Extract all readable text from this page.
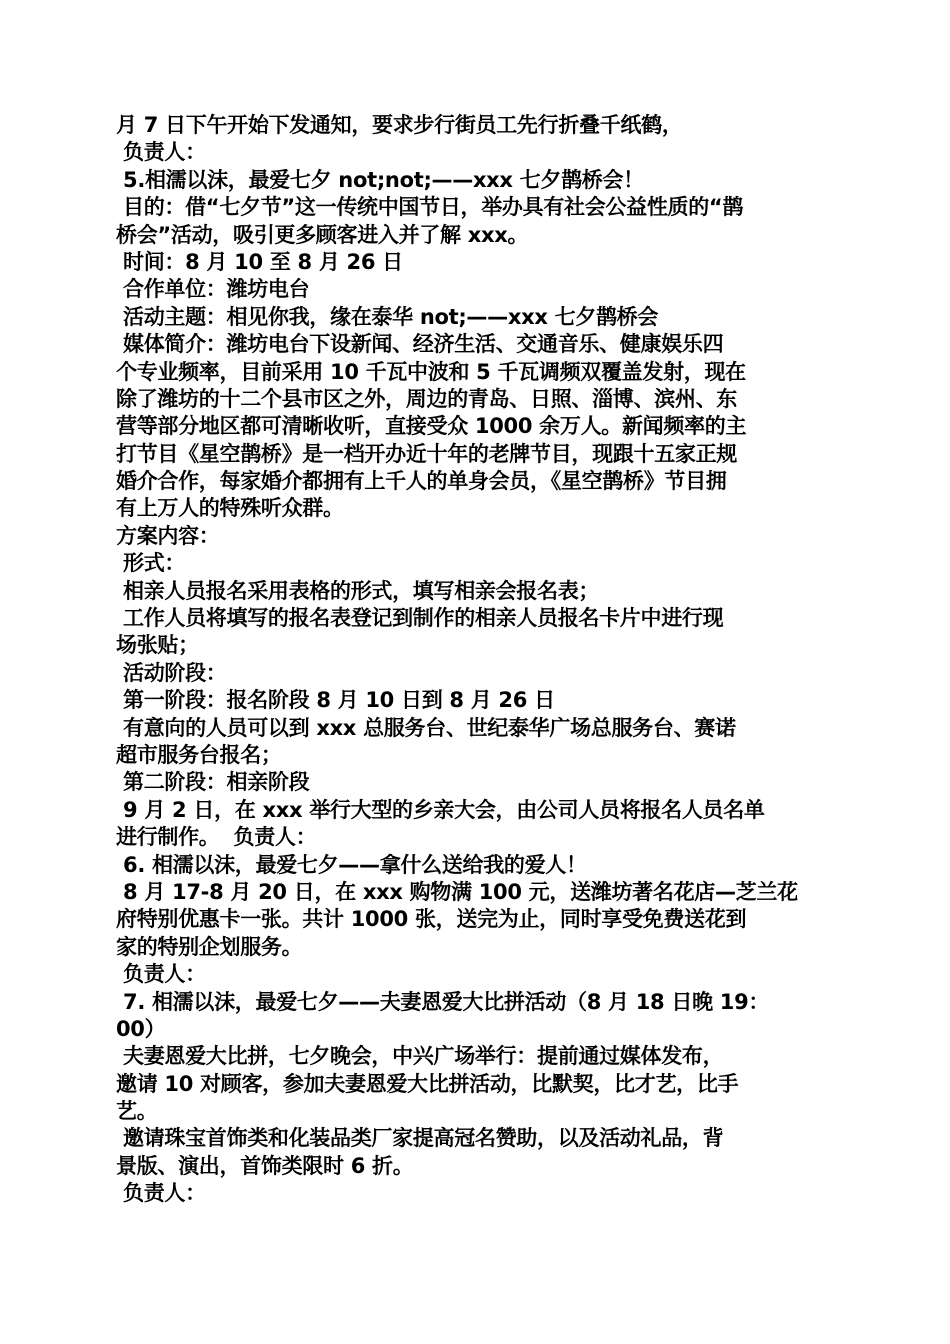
月 7 日下午开始下发通知，要求步行街员工先行折叠千纸鹤，
负责人：
5.相濡以沫，最爱七夕 not;not;——xxx 七夕鹊桥会！
目的：借“七夕节”这一传统中国节日，举办具有社会公益性质的“鹊
桥会”活动，吸引更多顾客进入并了解 xxx。
时间：8 月 10 至 8 月 26 日
合作单位：潍坊电台
活动主题：相见你我，缘在泰华 not;——xxx 七夕鹊桥会
媒体简介：潍坊电台下设新闻、经济生活、交通音乐、健康娱乐四
个专业频率，目前采用 10 千瓦中波和 5 千瓦调频双覆盖发射，现在
除了潍坊的十二个县市区之外，周边的青岛、日照、淄博、滨州、东
营等部分地区都可清晰收听，直接受众 1000 余万人。新闻频率的主
打节目《星空鹊桥》是一档开办近十年的老牌节目，现跟十五家正规
婚介合作，每家婚介都拥有上千人的单身会员，《星空鹊桥》节目拥
有上万人的特殊听众群。
方案内容：
形式：
相亲人员报名采用表格的形式，填写相亲会报名表；
工作人员将填写的报名表登记到制作的相亲人员报名卡片中进行现
场张贴；
活动阶段：
第一阶段：报名阶段 8 月 10 日到 8 月 26 日
有意向的人员可以到 xxx 总服务台、世纪泰华广场总服务台、赛诺
超市服务台报名；
第二阶段：相亲阶段
9 月 2 日，在 xxx 举行大型的乡亲大会，由公司人员将报名人员名单
进行制作。  负责人：
6. 相濡以沫，最爱七夕——拿什么送给我的爱人！
8 月 17-8 月 20 日，在 xxx 购物满 100 元，送潍坊著名花店—芝兰花
府特别优惠卡一张。共计 1000 张，送完为止，同时享受免费送花到
家的特别企划服务。
负责人：
7. 相濡以沫，最爱七夕——夫妻恩爱大比拼活动（8 月 18 日晚 19：
00）
夫妻恩爱大比拼，七夕晚会，中兴广场举行：提前通过媒体发布，
邀请 10 对顾客，参加夫妻恩爱大比拼活动，比默契，比才艺，比手
艺。
邀请珠宝首饰类和化装品类厂家提高冠名赞助，以及活动礼品，背
景版、演出，首饰类限时 6 折。
负责人：
